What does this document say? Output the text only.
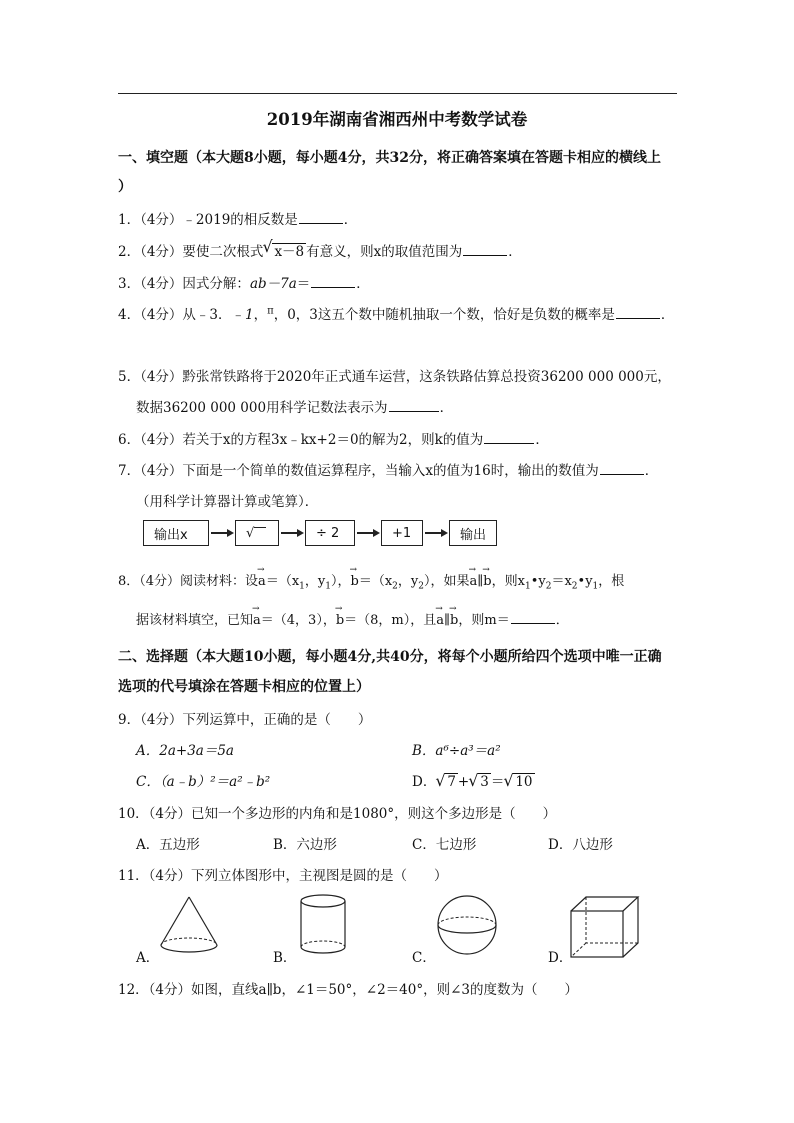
2019年湖南省湘西州中考数学试卷
一、填空题（本大题8小题，每小题4分，共32分，将正确答案填在答题卡相应的横线上
）
1．（4分）﹣2019的相反数是	．
2．（4分）要使二次根式 √ x－8 有意义，则x的取值范围为	．
3．（4分）因式分解：ab－7a＝	．
4．（4分）从﹣3．﹣1，$^\pi$，0，3这五个数中随机抽取一个数，恰好是负数的概率是	．
5．（4分）黔张常铁路将于2020年正式通车运营，这条铁路估算总投资36200 000 000元，
数据36200 000 000用科学记数法表示为	．
6．（4分）若关于x的方程3x﹣kx+2＝0的解为2，则k的值为	．
7．（4分）下面是一个简单的数值运算程序，当输入x的值为16时，输出的数值为	．
（用科学计算器计算或笔算）．
输出x	√	÷ 2	+1	输出
8．（4分）阅读材料：设→ $a=(x_1$，$y_1$），→ $b=(x_2$，$y_2$），如果→ a∥→ b，则$x_1•y_2=x_2•y_1$，根
据该材料填空，已知→ a＝（4，3），→ b＝（8，m），且→ a∥→ b，则m＝	．
二、选择题（本大题10小题，每小题4分,共40分，将每个小题所给四个选项中唯一正确
选项的代号填涂在答题卡相应的位置上）
9．（4分）下列运算中，正确的是（　　）
A．2a+3a＝5a	B．a⁶÷a³＝a²
C．（a﹣b）²＝a²﹣b²	D． √ 7 + √ 3 ＝ √ 10
10．（4分）已知一个多边形的内角和是1080°，则这个多边形是（　　）
A．五边形	B．六边形	C．七边形	D．八边形
11．（4分）下列立体图形中，主视图是圆的是（　　）
A．	B．	C．	D．
12．（4分）如图，直线a∥b，∠1＝50°，∠2＝40°，则∠3的度数为（　　）
